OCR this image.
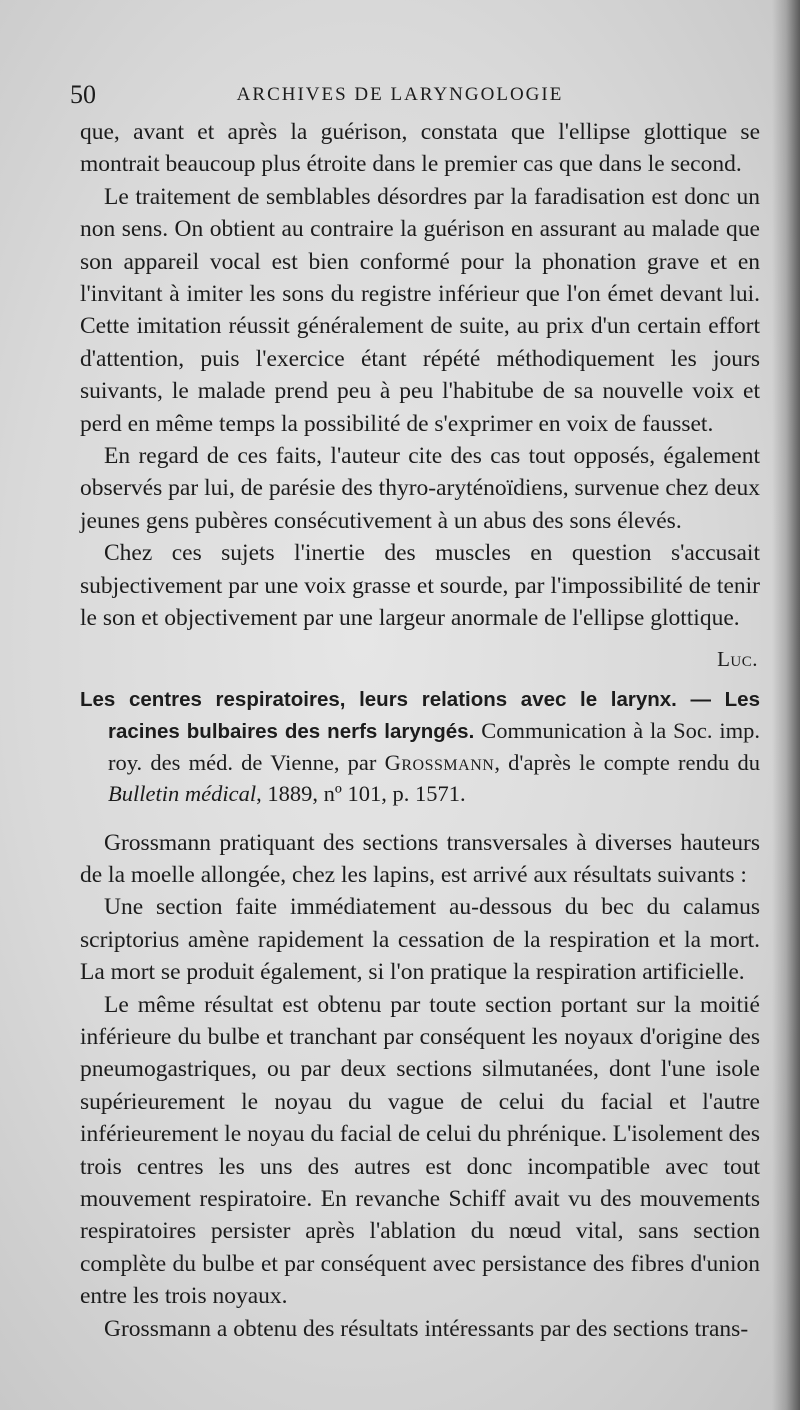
50	ARCHIVES DE LARYNGOLOGIE

que, avant et après la guérison, constata que l'ellipse glottique se montrait beaucoup plus étroite dans le premier cas que dans le second.

Le traitement de semblables désordres par la faradisation est donc un non sens. On obtient au contraire la guérison en assurant au malade que son appareil vocal est bien conformé pour la phonation grave et en l'invitant à imiter les sons du registre inférieur que l'on émet devant lui. Cette imitation réussit généralement de suite, au prix d'un certain effort d'attention, puis l'exercice étant répété méthodiquement les jours suivants, le malade prend peu à peu l'habitube de sa nouvelle voix et perd en même temps la possibilité de s'exprimer en voix de fausset.

En regard de ces faits, l'auteur cite des cas tout opposés, également observés par lui, de parésie des thyro-aryténoïdiens, survenue chez deux jeunes gens pubères consécutivement à un abus des sons élevés.

Chez ces sujets l'inertie des muscles en question s'accusait subjectivement par une voix grasse et sourde, par l'impossibilité de tenir le son et objectivement par une largeur anormale de l'ellipse glottique.

Luc.
Les centres respiratoires, leurs relations avec le larynx. — Les racines bulbaires des nerfs laryngés. Communication à la Soc. imp. roy. des méd. de Vienne, par Grossmann, d'après le compte rendu du Bulletin médical, 1889, nº 101, p. 1571.

Grossmann pratiquant des sections transversales à diverses hauteurs de la moelle allongée, chez les lapins, est arrivé aux résultats suivants :

Une section faite immédiatement au-dessous du bec du calamus scriptorius amène rapidement la cessation de la respiration et la mort. La mort se produit également, si l'on pratique la respiration artificielle.

Le même résultat est obtenu par toute section portant sur la moitié inférieure du bulbe et tranchant par conséquent les noyaux d'origine des pneumogastriques, ou par deux sections silmutanées, dont l'une isole supérieurement le noyau du vague de celui du facial et l'autre inférieurement le noyau du facial de celui du phrénique. L'isolement des trois centres les uns des autres est donc incompatible avec tout mouvement respiratoire. En revanche Schiff avait vu des mouvements respiratoires persister après l'ablation du nœud vital, sans section complète du bulbe et par conséquent avec persistance des fibres d'union entre les trois noyaux.

Grossmann a obtenu des résultats intéressants par des sections trans-
